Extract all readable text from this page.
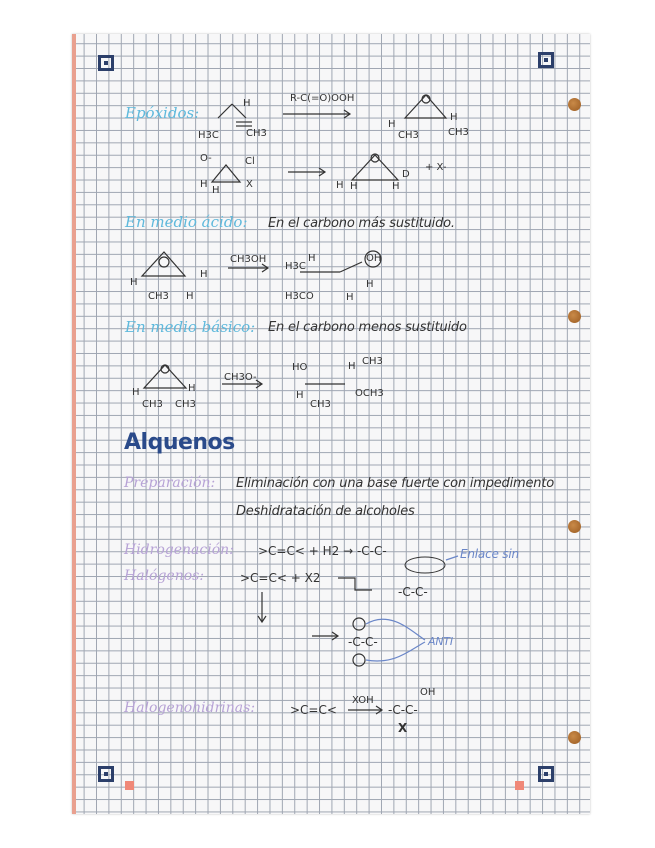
Epóxidos:
R-C(=O)OOH
H
H3C	CH3
H
CH3	CH3
H
O-	Cl
H
H
X	H H
D
H
+ X-
En medio ácido: En el carbono más sustituido.
CH3OH
H
CH3 H
H
H3C
H	OH
H
H3CO	H
En medio básico: En el carbono menos sustituido
CH3O-
H	H
CH3 CH3
HO
H
CH3
H
CH3
OCH3
Alquenos
Preparación: Eliminación con una base fuerte con impedimento
Deshidratación de alcoholes
Hidrogenación: >C=C< + H2 → -C-C-	Enlace sin
Halógenos:	>C=C< + X2
-C-C-
-C-C-	ANTI
Halogenohidrinas:	>C=C<
XOH
-C-C-
OH
X
